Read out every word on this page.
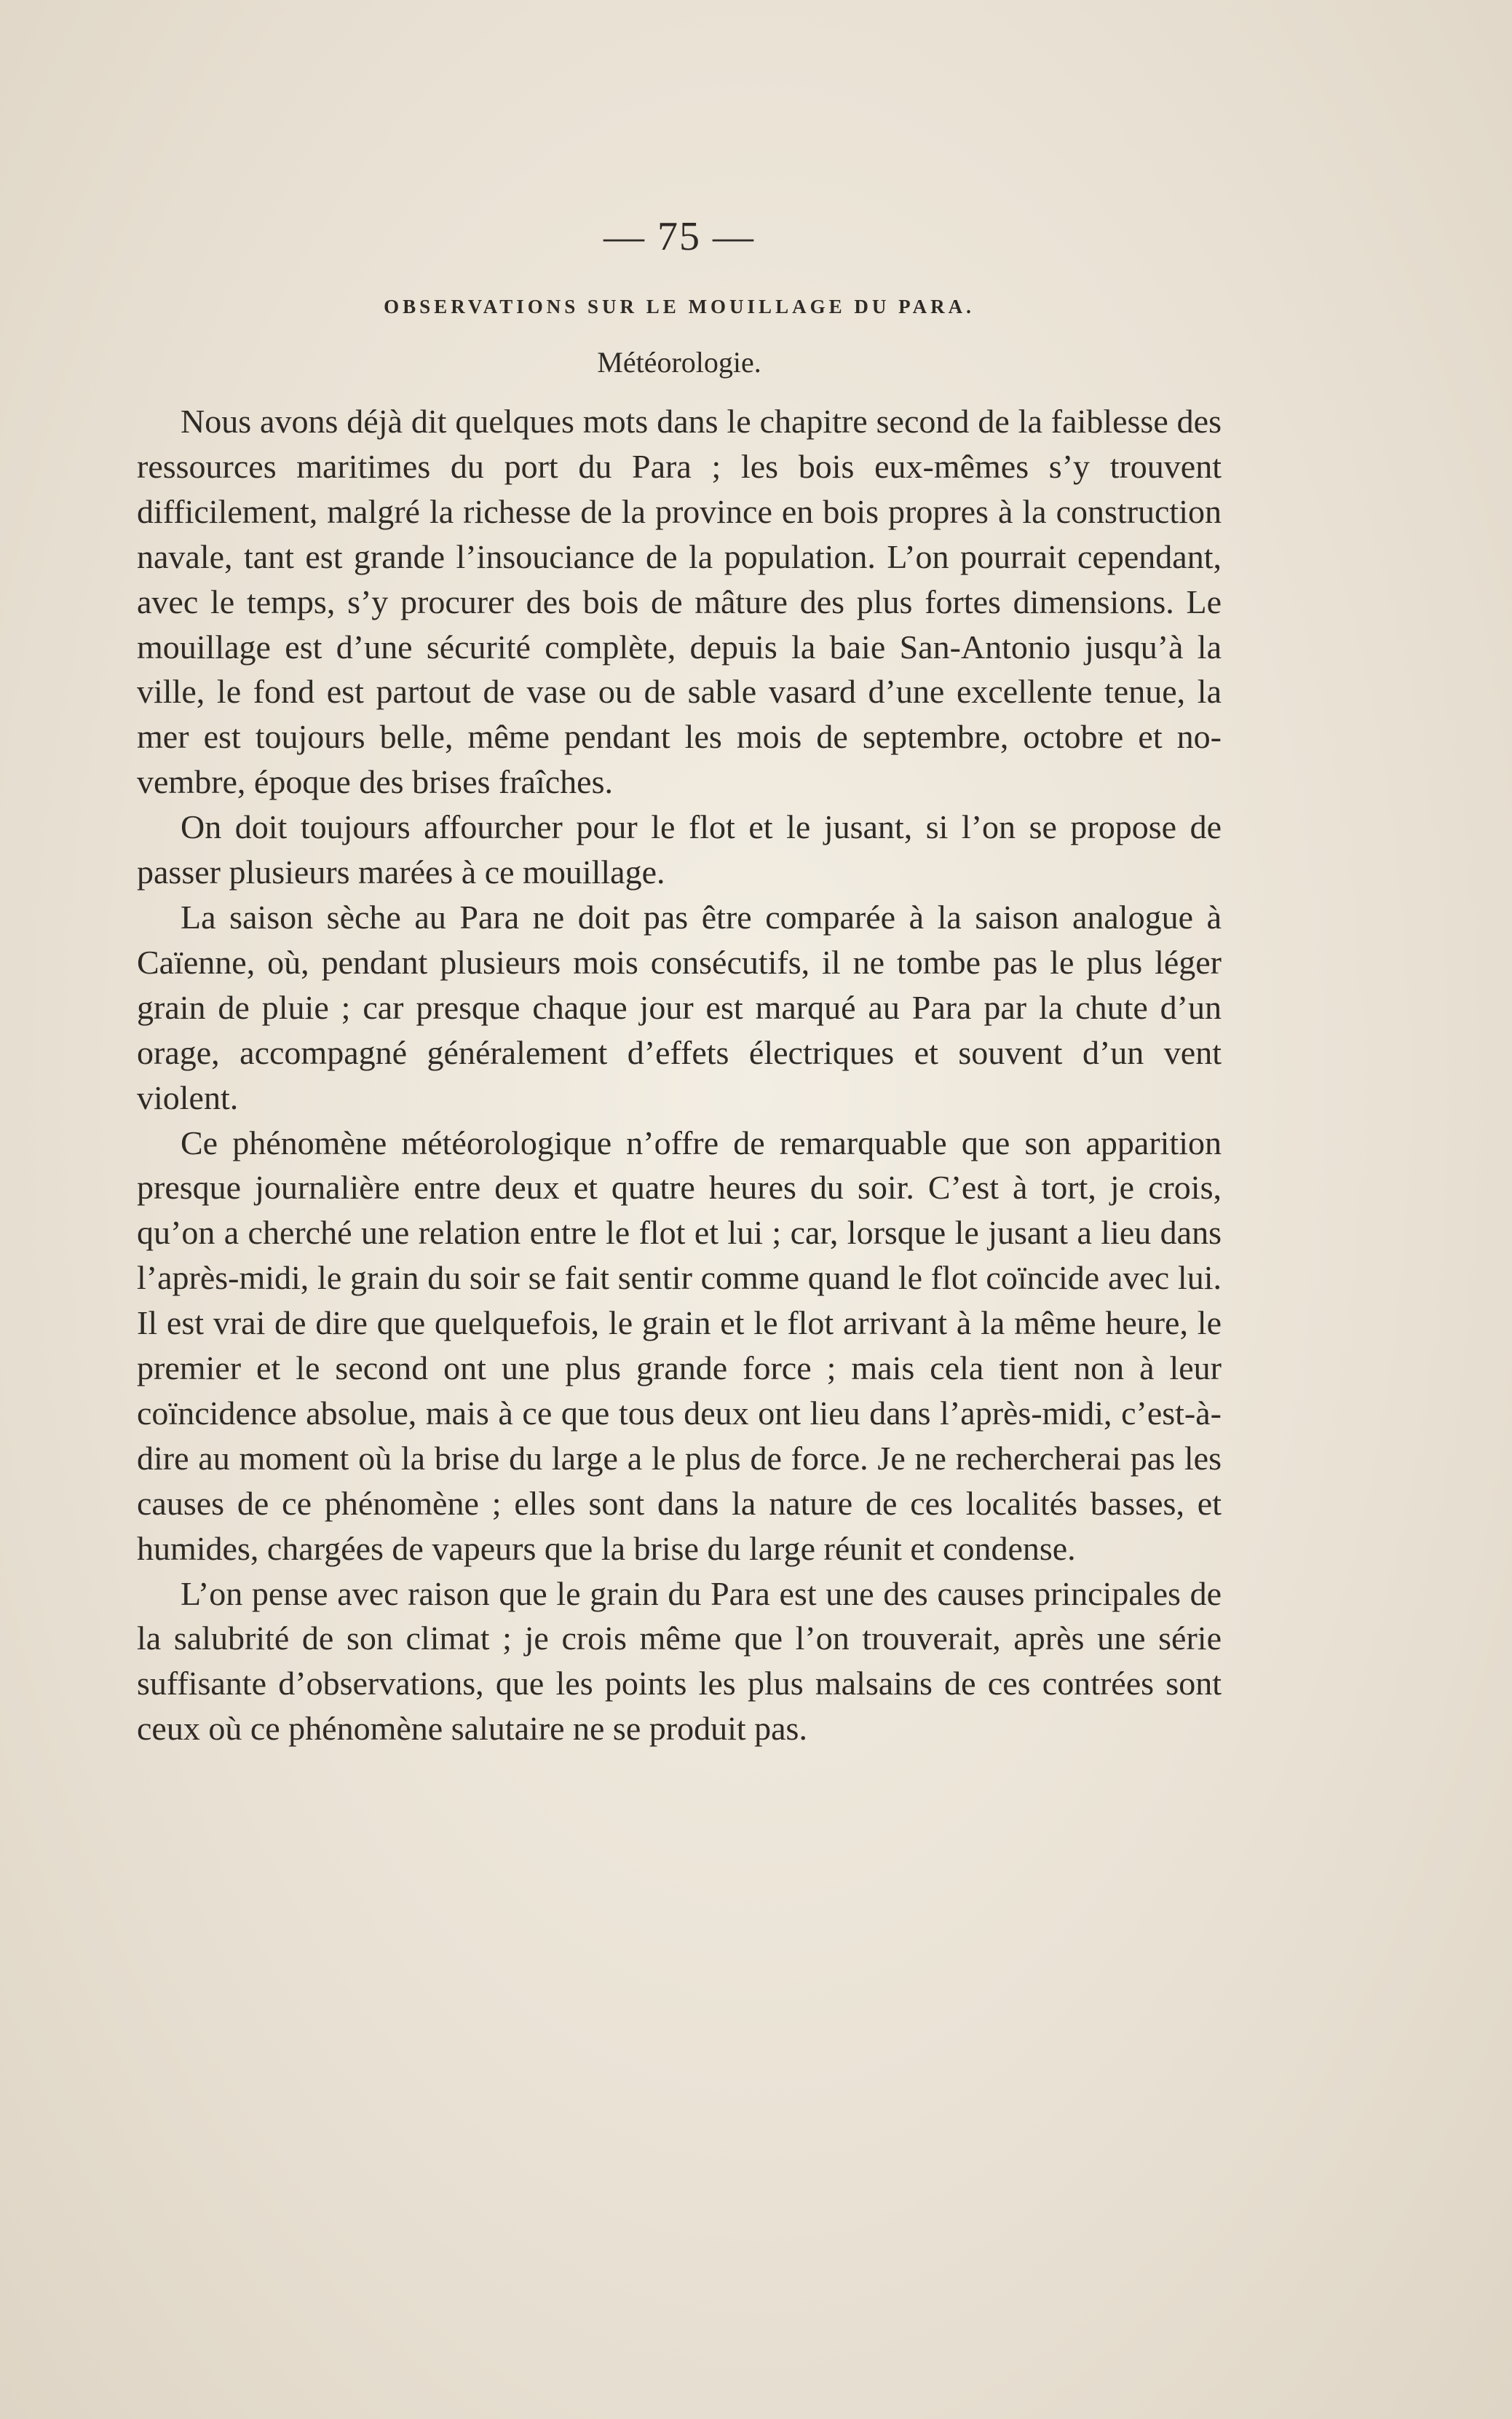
— 75 —
OBSERVATIONS SUR LE MOUILLAGE DU PARA.
Météorologie.

Nous avons déjà dit quelques mots dans le chapitre second de la faiblesse des ressources maritimes du port du Para ; les bois eux-mêmes s’y trouvent difficilement, malgré la richesse de la province en bois propres à la construction navale, tant est grande l’insouciance de la population. L’on pourrait cependant, avec le temps, s’y procurer des bois de mâture des plus fortes dimensions. Le mouillage est d’une sécurité complète, depuis la baie San-Antonio jusqu’à la ville, le fond est partout de vase ou de sable vasard d’une excellente tenue, la mer est toujours belle, même pendant les mois de septembre, octobre et novembre, époque des brises fraîches.

On doit toujours affourcher pour le flot et le jusant, si l’on se propose de passer plusieurs marées à ce mouillage.

La saison sèche au Para ne doit pas être comparée à la saison analogue à Caïenne, où, pendant plusieurs mois consécutifs, il ne tombe pas le plus léger grain de pluie ; car presque chaque jour est marqué au Para par la chute d’un orage, accompagné généralement d’effets électriques et souvent d’un vent violent.

Ce phénomène météorologique n’offre de remarquable que son apparition presque journalière entre deux et quatre heures du soir. C’est à tort, je crois, qu’on a cherché une relation entre le flot et lui ; car, lorsque le jusant a lieu dans l’après-midi, le grain du soir se fait sentir comme quand le flot coïncide avec lui. Il est vrai de dire que quelquefois, le grain et le flot arrivant à la même heure, le premier et le second ont une plus grande force ; mais cela tient non à leur coïncidence absolue, mais à ce que tous deux ont lieu dans l’après-midi, c’est-à-dire au moment où la brise du large a le plus de force. Je ne rechercherai pas les causes de ce phénomène ; elles sont dans la nature de ces localités basses, et humides, chargées de vapeurs que la brise du large réunit et condense.

L’on pense avec raison que le grain du Para est une des causes principales de la salubrité de son climat ; je crois même que l’on trouverait, après une série suffisante d’observations, que les points les plus malsains de ces contrées sont ceux où ce phénomène salutaire ne se produit pas.
